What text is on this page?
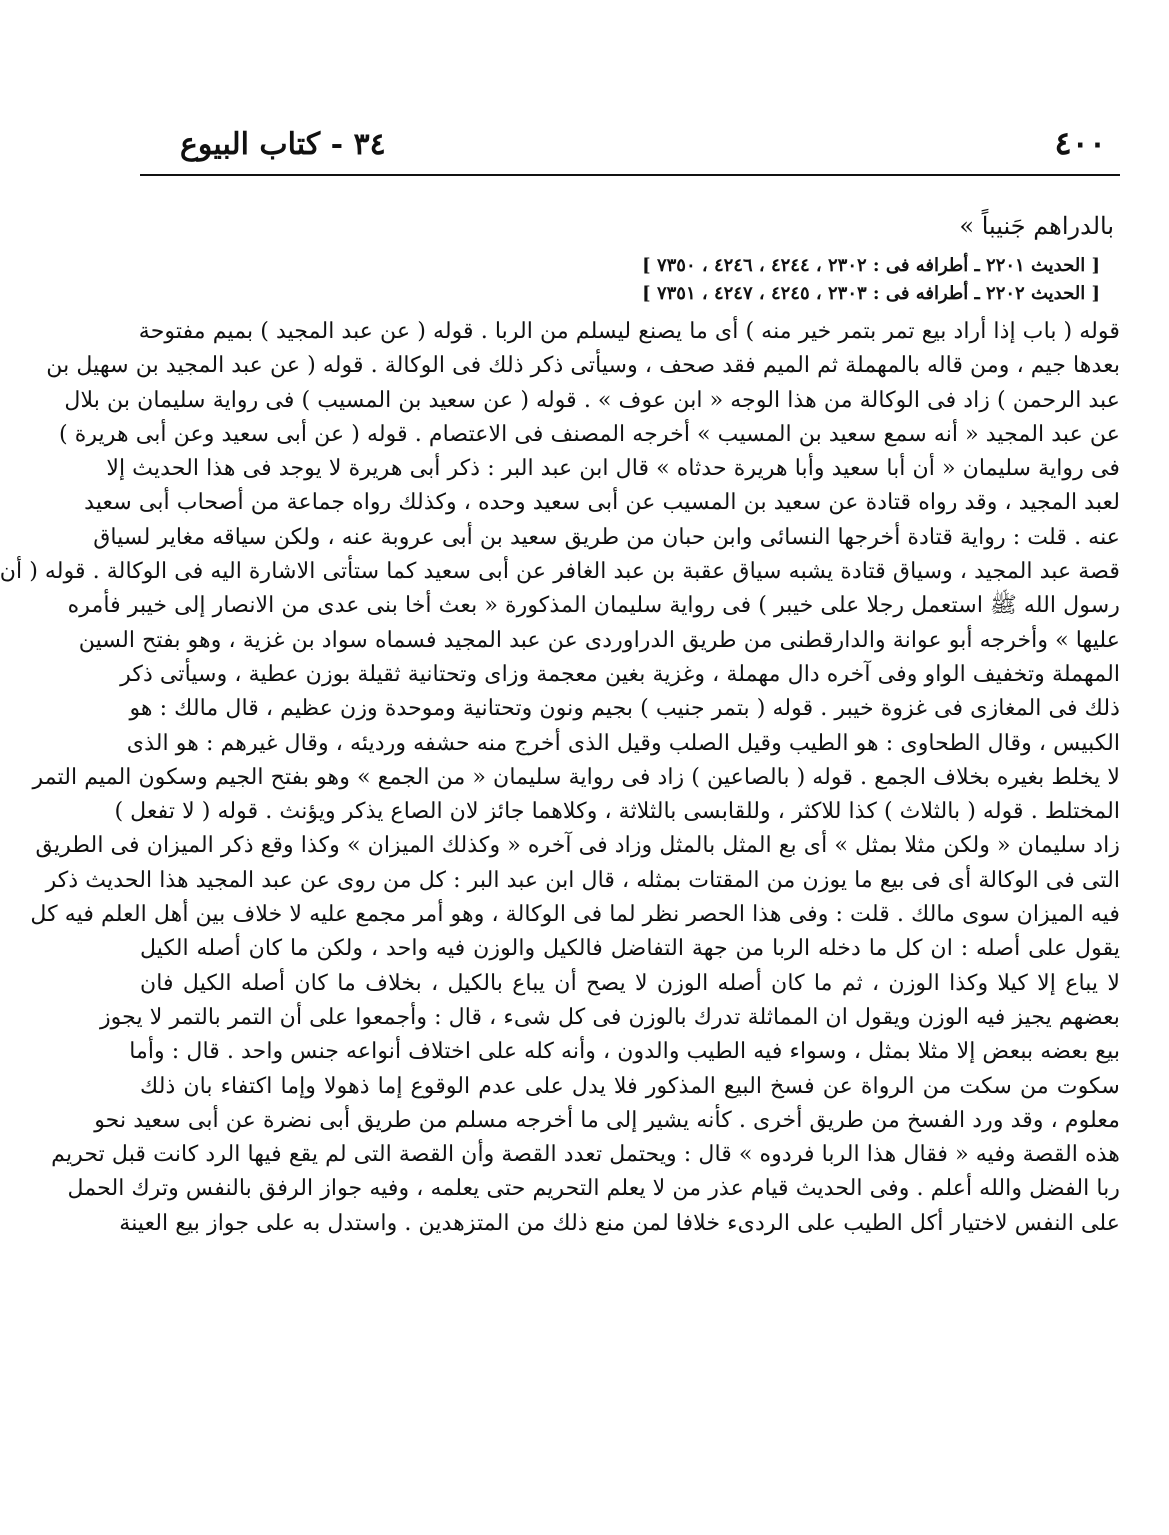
٤٠٠
٣٤ - كتاب البيوع
بالدراهم جَنيباً »
[ الحديث ٢٢٠١ ـ أطرافه فى : ٢٣٠٢ ، ٤٢٤٤ ، ٤٢٤٦ ، ٧٣٥٠ ]
[ الحديث ٢٢٠٢ ـ أطرافه فى : ٢٣٠٣ ، ٤٢٤٥ ، ٤٢٤٧ ، ٧٣٥١ ]
قوله ( باب إذا أراد بيع تمر بتمر خير منه ) أى ما يصنع ليسلم من الربا . قوله ( عن عبد المجيد ) بميم مفتوحة
بعدها جيم ، ومن قاله بالمهملة ثم الميم فقد صحف ، وسيأتى ذكر ذلك فى الوكالة . قوله ( عن عبد المجيد بن سهيل بن
عبد الرحمن ) زاد فى الوكالة من هذا الوجه « ابن عوف » . قوله ( عن سعيد بن المسيب ) فى رواية سليمان بن بلال
عن عبد المجيد « أنه سمع سعيد بن المسيب » أخرجه المصنف فى الاعتصام . قوله ( عن أبى سعيد وعن أبى هريرة )
فى رواية سليمان « أن أبا سعيد وأبا هريرة حدثاه » قال ابن عبد البر : ذكر أبى هريرة لا يوجد فى هذا الحديث إلا
لعبد المجيد ، وقد رواه قتادة عن سعيد بن المسيب عن أبى سعيد وحده ، وكذلك رواه جماعة من أصحاب أبى سعيد
عنه . قلت : رواية قتادة أخرجها النسائى وابن حبان من طريق سعيد بن أبى عروبة عنه ، ولكن سياقه مغاير لسياق
قصة عبد المجيد ، وسياق قتادة يشبه سياق عقبة بن عبد الغافر عن أبى سعيد كما ستأتى الاشارة اليه فى الوكالة . قوله ( أن
رسول الله ﷺ استعمل رجلا على خيبر ) فى رواية سليمان المذكورة « بعث أخا بنى عدى من الانصار إلى خيبر فأمره
عليها » وأخرجه أبو عوانة والدارقطنى من طريق الدراوردى عن عبد المجيد فسماه سواد بن غزية ، وهو بفتح السين
المهملة وتخفيف الواو وفى آخره دال مهملة ، وغزية بغين معجمة وزاى وتحتانية ثقيلة بوزن عطية ، وسيأتى ذكر
ذلك فى المغازى فى غزوة خيبر . قوله ( بتمر جنيب ) بجيم ونون وتحتانية وموحدة وزن عظيم ، قال مالك : هو
الكبيس ، وقال الطحاوى : هو الطيب وقيل الصلب وقيل الذى أخرج منه حشفه ورديئه ، وقال غيرهم : هو الذى
لا يخلط بغيره بخلاف الجمع . قوله ( بالصاعين ) زاد فى رواية سليمان « من الجمع » وهو بفتح الجيم وسكون الميم التمر
المختلط . قوله ( بالثلاث ) كذا للاكثر ، وللقابسى بالثلاثة ، وكلاهما جائز لان الصاع يذكر ويؤنث . قوله ( لا تفعل )
زاد سليمان « ولكن مثلا بمثل » أى بع المثل بالمثل وزاد فى آخره « وكذلك الميزان » وكذا وقع ذكر الميزان فى الطريق
التى فى الوكالة أى فى بيع ما يوزن من المقتات بمثله ، قال ابن عبد البر : كل من روى عن عبد المجيد هذا الحديث ذكر
فيه الميزان سوى مالك . قلت : وفى هذا الحصر نظر لما فى الوكالة ، وهو أمر مجمع عليه لا خلاف بين أهل العلم فيه كل
يقول على أصله : ان كل ما دخله الربا من جهة التفاضل فالكيل والوزن فيه واحد ، ولكن ما كان أصله الكيل
لا يباع إلا كيلا وكذا الوزن ، ثم ما كان أصله الوزن لا يصح أن يباع بالكيل ، بخلاف ما كان أصله الكيل فان
بعضهم يجيز فيه الوزن ويقول ان المماثلة تدرك بالوزن فى كل شىء ، قال : وأجمعوا على أن التمر بالتمر لا يجوز
بيع بعضه ببعض إلا مثلا بمثل ، وسواء فيه الطيب والدون ، وأنه كله على اختلاف أنواعه جنس واحد . قال : وأما
سكوت من سكت من الرواة عن فسخ البيع المذكور فلا يدل على عدم الوقوع إما ذهولا وإما اكتفاء بان ذلك
معلوم ، وقد ورد الفسخ من طريق أخرى . كأنه يشير إلى ما أخرجه مسلم من طريق أبى نضرة عن أبى سعيد نحو
هذه القصة وفيه « فقال هذا الربا فردوه » قال : ويحتمل تعدد القصة وأن القصة التى لم يقع فيها الرد كانت قبل تحريم
ربا الفضل والله أعلم . وفى الحديث قيام عذر من لا يعلم التحريم حتى يعلمه ، وفيه جواز الرفق بالنفس وترك الحمل
على النفس لاختيار أكل الطيب على الردىء خلافا لمن منع ذلك من المتزهدين . واستدل به على جواز بيع العينة
